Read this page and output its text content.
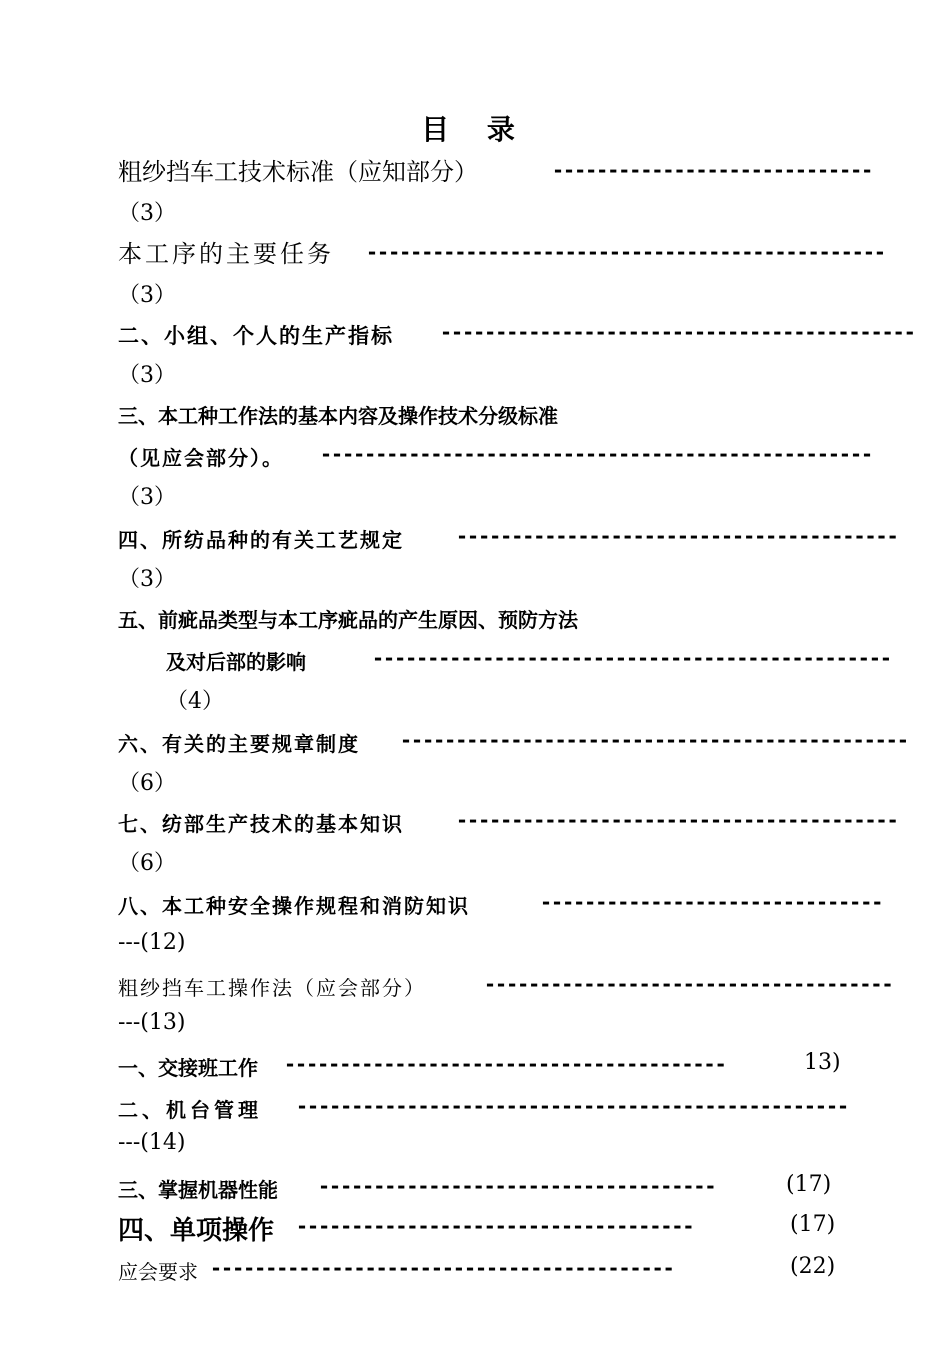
目 录
粗纱挡车工技术标准（应知部分）	-----------------------------
（3）
本工序的主要任务 -----------------------------------------------
（3）
二、小组、个人的生产指标 -------------------------------------------
（3）
三、本工种工作法的基本内容及操作技术分级标准
（见应会部分）。 --------------------------------------------------
（3）
四、所纺品种的有关工艺规定	----------------------------------------
（3）
五、前疵品类型与本工序疵品的产生原因、预防方法
及对后部的影响	-----------------------------------------------
（4）
六、有关的主要规章制度 ----------------------------------------------
（6）
七、纺部生产技术的基本知识	----------------------------------------
（6）
八、本工种安全操作规程和消防知识	-------------------------------
---(12)
粗纱挡车工操作法（应会部分）	-------------------------------------
---(13)
一、交接班工作 ----------------------------------------	13)
二、机台管理 --------------------------------------------------
---(14)
三、掌握机器性能 ------------------------------------	(17)
四、单项操作 ------------------------------------	(17)
应会要求 ------------------------------------------	(22)
